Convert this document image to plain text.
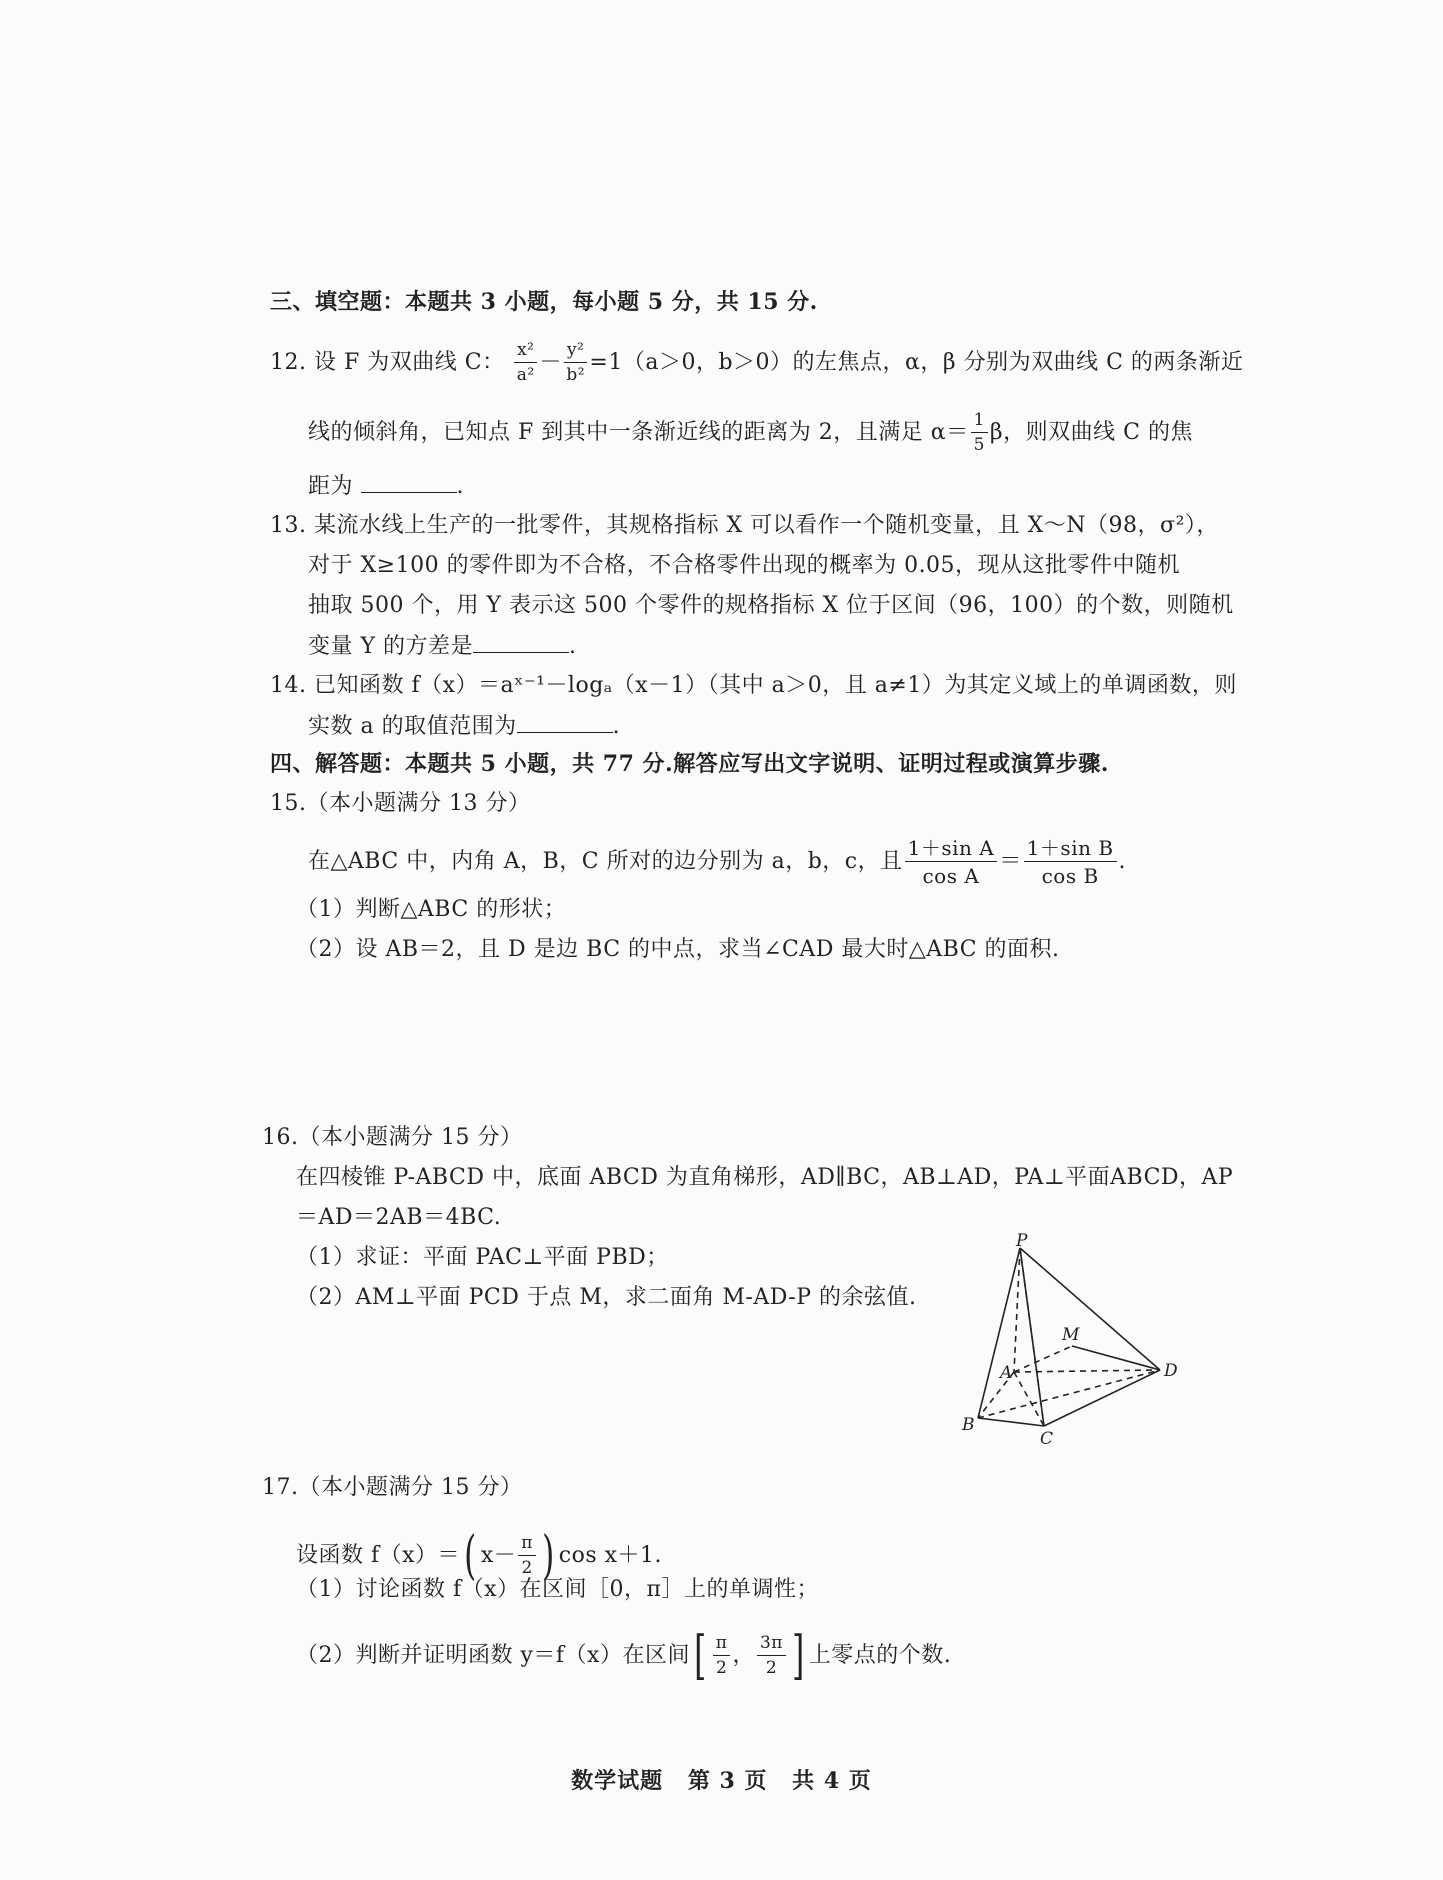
三、填空题：本题共 3 小题，每小题 5 分，共 15 分.
12. 设 F 为双曲线 C： $\frac{\text{x²}}{\text{a²}} - \frac{\text{y²}}{\text{b²}} =1(a>0$，b＞0）的左焦点，α，β 分别为双曲线 C 的两条渐近
线的倾斜角，已知点 F 到其中一条渐近线的距离为 2，且满足 $\alpha= \frac{1}{5}$ β，则双曲线 C 的焦
距为	.
13. 某流水线上生产的一批零件，其规格指标 X 可以看作一个随机变量，且 X～N（98，σ²），
对于 X≥100 的零件即为不合格，不合格零件出现的概率为 0.05，现从这批零件中随机
抽取 500 个，用 Y 表示这 500 个零件的规格指标 X 位于区间（96，100）的个数，则随机
变量 Y 的方差是	.
14. 已知函数 f（x）＝aˣ⁻¹－logₐ（x－1）（其中 a＞0，且 a≠1）为其定义域上的单调函数，则
实数 a 的取值范围为	.
四、解答题：本题共 5 小题，共 77 分.解答应写出文字说明、证明过程或演算步骤.
15.（本小题满分 13 分）
在△ABC 中，内角 A，B，C 所对的边分别为 a，b，c，且 $\frac{\text{1＋sin A}}{\text{cos A}} = \frac{\text{1＋sin B}}{\text{cos B}}$ .
（1）判断△ABC 的形状；
（2）设 AB＝2，且 D 是边 BC 的中点，求当∠CAD 最大时△ABC 的面积.
16.（本小题满分 15 分）
在四棱锥 P-ABCD 中，底面 ABCD 为直角梯形，AD∥BC，AB⊥AD，PA⊥平面ABCD，AP
＝AD＝2AB＝4BC.
（1）求证：平面 PAC⊥平面 PBD；
（2）AM⊥平面 PCD 于点 M，求二面角 M-AD-P 的余弦值.
P
M
A	D
B
C
17.（本小题满分 15 分）
设函数 f（x）＝( $x- \frac{\pi}{2}$ ) cos x＋1.
（1）讨论函数 f（x）在区间［0，π］上的单调性；
（2）判断并证明函数 y＝f（x）在区间[ $\frac{\pi}{2}$ ， $\frac{3\pi}{2}$ ] 上零点的个数.
数学试题 第 3 页 共 4 页
